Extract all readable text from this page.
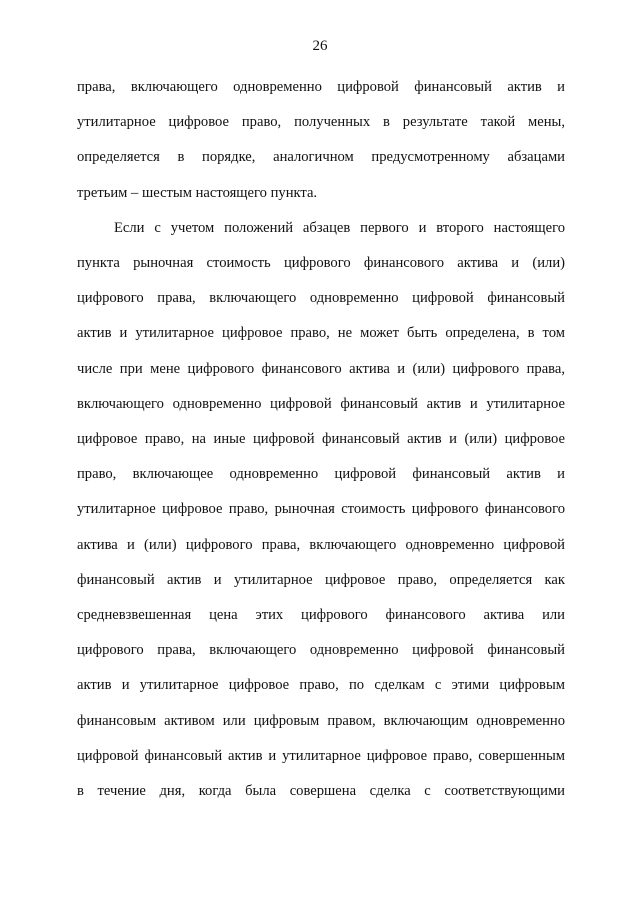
26
права, включающего одновременно цифровой финансовый актив и
утилитарное цифровое право, полученных в результате такой мены,
определяется в порядке, аналогичном предусмотренному абзацами
третьим – шестым настоящего пункта.
Если с учетом положений абзацев первого и второго настоящего
пункта рыночная стоимость цифрового финансового актива и (или)
цифрового права, включающего одновременно цифровой финансовый
актив и утилитарное цифровое право, не может быть определена, в том
числе при мене цифрового финансового актива и (или) цифрового права,
включающего одновременно цифровой финансовый актив и утилитарное
цифровое право, на иные цифровой финансовый актив и (или) цифровое
право, включающее одновременно цифровой финансовый актив и
утилитарное цифровое право, рыночная стоимость цифрового финансового
актива и (или) цифрового права, включающего одновременно цифровой
финансовый актив и утилитарное цифровое право, определяется как
средневзвешенная цена этих цифрового финансового актива или
цифрового права, включающего одновременно цифровой финансовый
актив и утилитарное цифровое право, по сделкам с этими цифровым
финансовым активом или цифровым правом, включающим одновременно
цифровой финансовый актив и утилитарное цифровое право, совершенным
в течение дня, когда была совершена сделка с соответствующими
